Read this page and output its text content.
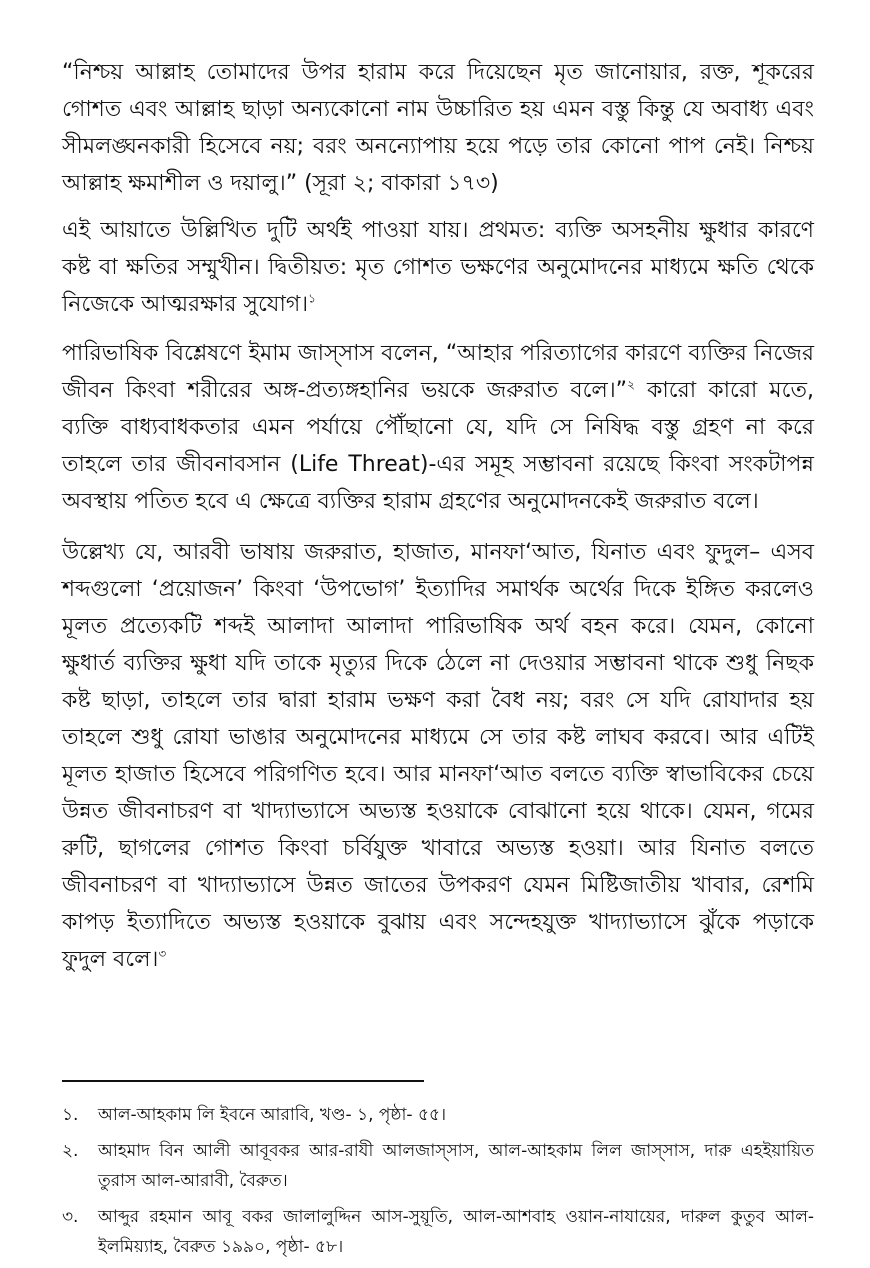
“নিশ্চয় আল্লাহ তোমাদের উপর হারাম করে দিয়েছেন মৃত জানোয়ার, রক্ত, শূকরের গোশত এবং আল্লাহ ছাড়া অন্যকোনো নাম উচ্চারিত হয় এমন বস্তু কিন্তু যে অবাধ্য এবং সীমলঙ্ঘনকারী হিসেবে নয়; বরং অনন্যোপায় হয়ে পড়ে তার কোনো পাপ নেই। নিশ্চয় আল্লাহ ক্ষমাশীল ও দয়ালু।” (সূরা ২; বাকারা ১৭৩)

এই আয়াতে উল্লিখিত দুটি অর্থই পাওয়া যায়। প্রথমত: ব্যক্তি অসহনীয় ক্ষুধার কারণে কষ্ট বা ক্ষতির সম্মুখীন। দ্বিতীয়ত: মৃত গোশত ভক্ষণের অনুমোদনের মাধ্যমে ক্ষতি থেকে নিজেকে আত্মরক্ষার সুযোগ।$^১$

পারিভাষিক বিশ্লেষণে ইমাম জাস্সাস বলেন, “আহার পরিত্যাগের কারণে ব্যক্তির নিজের জীবন কিংবা শরীরের অঙ্গ-প্রত্যঙ্গহানির ভয়কে জরুরাত বলে।”$^২$ কারো কারো মতে, ব্যক্তি বাধ্যবাধকতার এমন পর্যায়ে পৌঁছানো যে, যদি সে নিষিদ্ধ বস্তু গ্রহণ না করে তাহলে তার জীবনাবসান (Life Threat)-এর সমূহ সম্ভাবনা রয়েছে কিংবা সংকটাপন্ন অবস্থায় পতিত হবে এ ক্ষেত্রে ব্যক্তির হারাম গ্রহণের অনুমোদনকেই জরুরাত বলে।

উল্লেখ্য যে, আরবী ভাষায় জরুরাত, হাজাত, মানফা‘আত, যিনাত এবং ফুদুল– এসব শব্দগুলো ‘প্রয়োজন’ কিংবা ‘উপভোগ’ ইত্যাদির সমার্থক অর্থের দিকে ইঙ্গিত করলেও মূলত প্রত্যেকটি শব্দই আলাদা আলাদা পারিভাষিক অর্থ বহন করে। যেমন, কোনো ক্ষুধার্ত ব্যক্তির ক্ষুধা যদি তাকে মৃত্যুর দিকে ঠেলে না দেওয়ার সম্ভাবনা থাকে শুধু নিছক কষ্ট ছাড়া, তাহলে তার দ্বারা হারাম ভক্ষণ করা বৈধ নয়; বরং সে যদি রোযাদার হয় তাহলে শুধু রোযা ভাঙার অনুমোদনের মাধ্যমে সে তার কষ্ট লাঘব করবে। আর এটিই মূলত হাজাত হিসেবে পরিগণিত হবে। আর মানফা‘আত বলতে ব্যক্তি স্বাভাবিকের চেয়ে উন্নত জীবনাচরণ বা খাদ্যাভ্যাসে অভ্যস্ত হওয়াকে বোঝানো হয়ে থাকে। যেমন, গমের রুটি, ছাগলের গোশত কিংবা চর্বিযুক্ত খাবারে অভ্যস্ত হওয়া। আর যিনাত বলতে জীবনাচরণ বা খাদ্যাভ্যাসে উন্নত জাতের উপকরণ যেমন মিষ্টিজাতীয় খাবার, রেশমি কাপড় ইত্যাদিতে অভ্যস্ত হওয়াকে বুঝায় এবং সন্দেহযুক্ত খাদ্যাভ্যাসে ঝুঁকে পড়াকে ফুদুল বলে।$^৩$

১.	আল-আহকাম লি ইবনে আরাবি, খণ্ড- ১, পৃষ্ঠা- ৫৫।
২.	আহমাদ বিন আলী আবূবকর আর-রাযী আলজাস্সাস, আল-আহকাম লিল জাস্সাস, দারু এহইয়ায়িত তুরাস আল-আরাবী, বৈরুত।
৩.	আব্দুর রহমান আবূ বকর জালালুদ্দিন আস-সুয়ূতি, আল-আশবাহ ওয়ান-নাযায়ের, দারুল কুতুব আল-ইলমিয়্যাহ, বৈরুত ১৯৯০, পৃষ্ঠা- ৫৮।
